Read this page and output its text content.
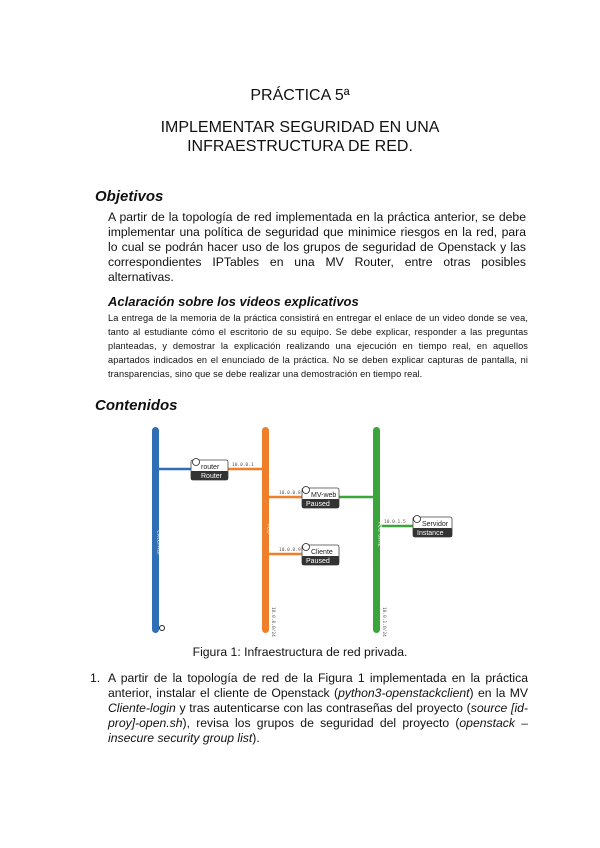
PRÁCTICA 5ª
IMPLEMENTAR SEGURIDAD EN UNA
INFRAESTRUCTURA DE RED.
Objetivos
A partir de la topología de red implementada en la práctica anterior, se debe implementar una política de seguridad que minimice riesgos en la red, para lo cual se podrán hacer uso de los grupos de seguridad de Openstack y las correspondientes IPTables en una MV Router, entre otras posibles alternativas.
Aclaración sobre los videos explicativos
La entrega de la memoria de la práctica consistirá en entregar el enlace de un video donde se vea, tanto al estudiante cómo el escritorio de su equipo. Se debe explicar, responder a las preguntas planteadas, y demostrar la explicación realizando una ejecución en tiempo real, en aquellos apartados indicados en el enunciado de la práctica. No se deben explicar capturas de pantalla, ni transparencias, sino que se debe realizar una demostración en tiempo real.
Contenidos
external
red	red-dmz
10.0.0.0/24	10.0.1.0/24
router
Router
10.0.0.1
MV-web
Paused
10.0.0.8
Cliente
Paused
10.0.0.9
Servidor
Instance
10.0.1.5
Figura 1: Infraestructura de red privada.
1. A partir de la topología de red de la Figura 1 implementada en la práctica anterior, instalar el cliente de Openstack (python3-openstackclient) en la MV Cliente-login y tras autenticarse con las contraseñas del proyecto (source [id-proy]-open.sh), revisa los grupos de seguridad del proyecto (openstack –insecure security group list).
